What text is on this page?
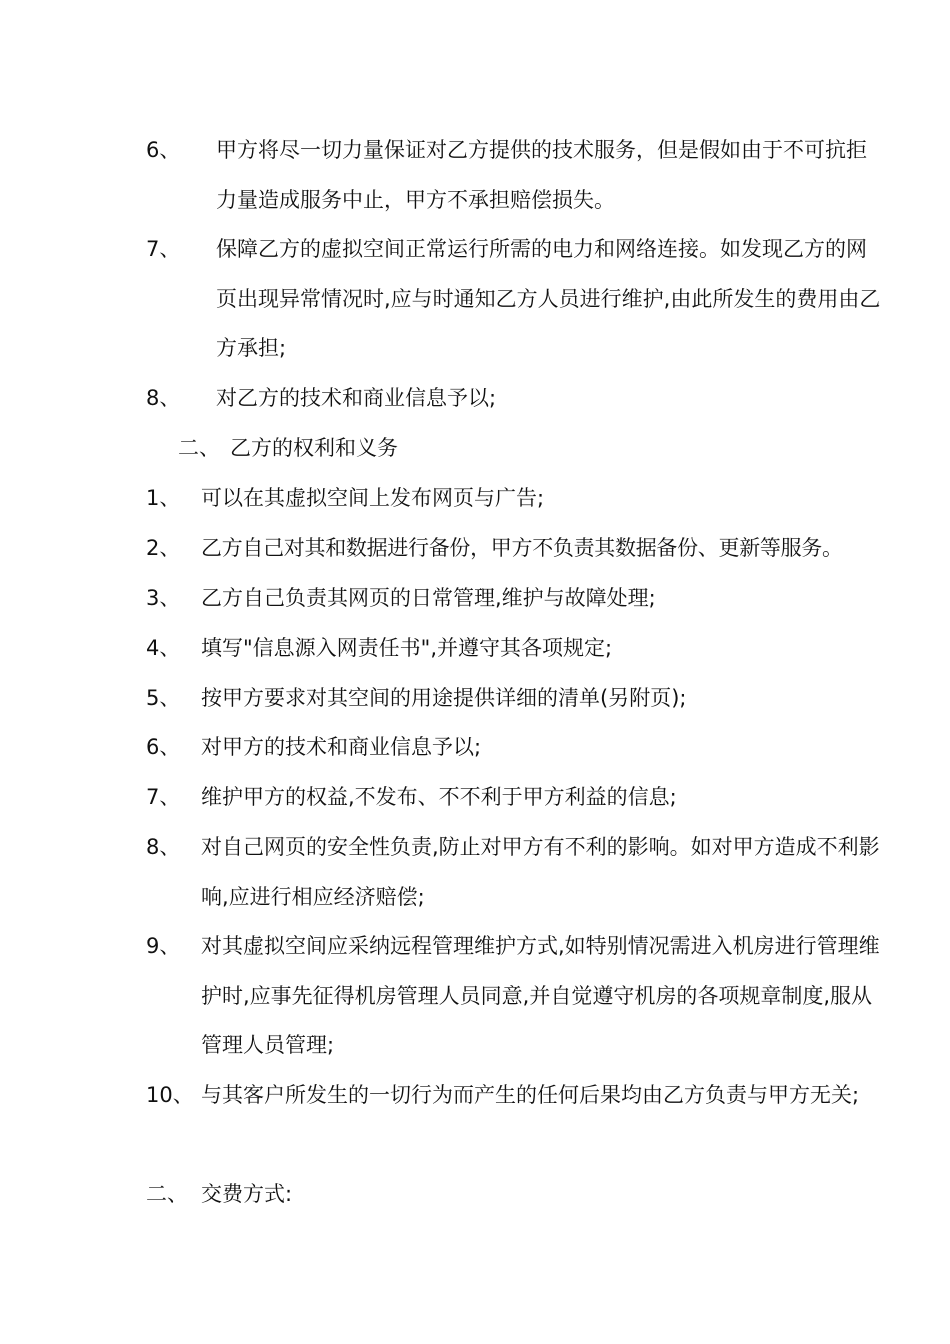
6、 甲方将尽一切力量保证对乙方提供的技术服务，但是假如由于不可抗拒力量造成服务中止，甲方不承担赔偿损失。
7、 保障乙方的虚拟空间正常运行所需的电力和网络连接。如发现乙方的网页出现异常情况时,应与时通知乙方人员进行维护,由此所发生的费用由乙方承担;
8、 对乙方的技术和商业信息予以;
二、 乙方的权利和义务
1、 可以在其虚拟空间上发布网页与广告;
2、 乙方自己对其和数据进行备份，甲方不负责其数据备份、更新等服务。
3、 乙方自己负责其网页的日常管理,维护与故障处理;
4、 填写"信息源入网责任书",并遵守其各项规定;
5、 按甲方要求对其空间的用途提供详细的清单(另附页);
6、 对甲方的技术和商业信息予以;
7、 维护甲方的权益,不发布、不不利于甲方利益的信息;
8、 对自己网页的安全性负责,防止对甲方有不利的影响。如对甲方造成不利影响,应进行相应经济赔偿;
9、 对其虚拟空间应采纳远程管理维护方式,如特别情况需进入机房进行管理维护时,应事先征得机房管理人员同意,并自觉遵守机房的各项规章制度,服从管理人员管理;
10、 与其客户所发生的一切行为而产生的任何后果均由乙方负责与甲方无关;
二、 交费方式:
